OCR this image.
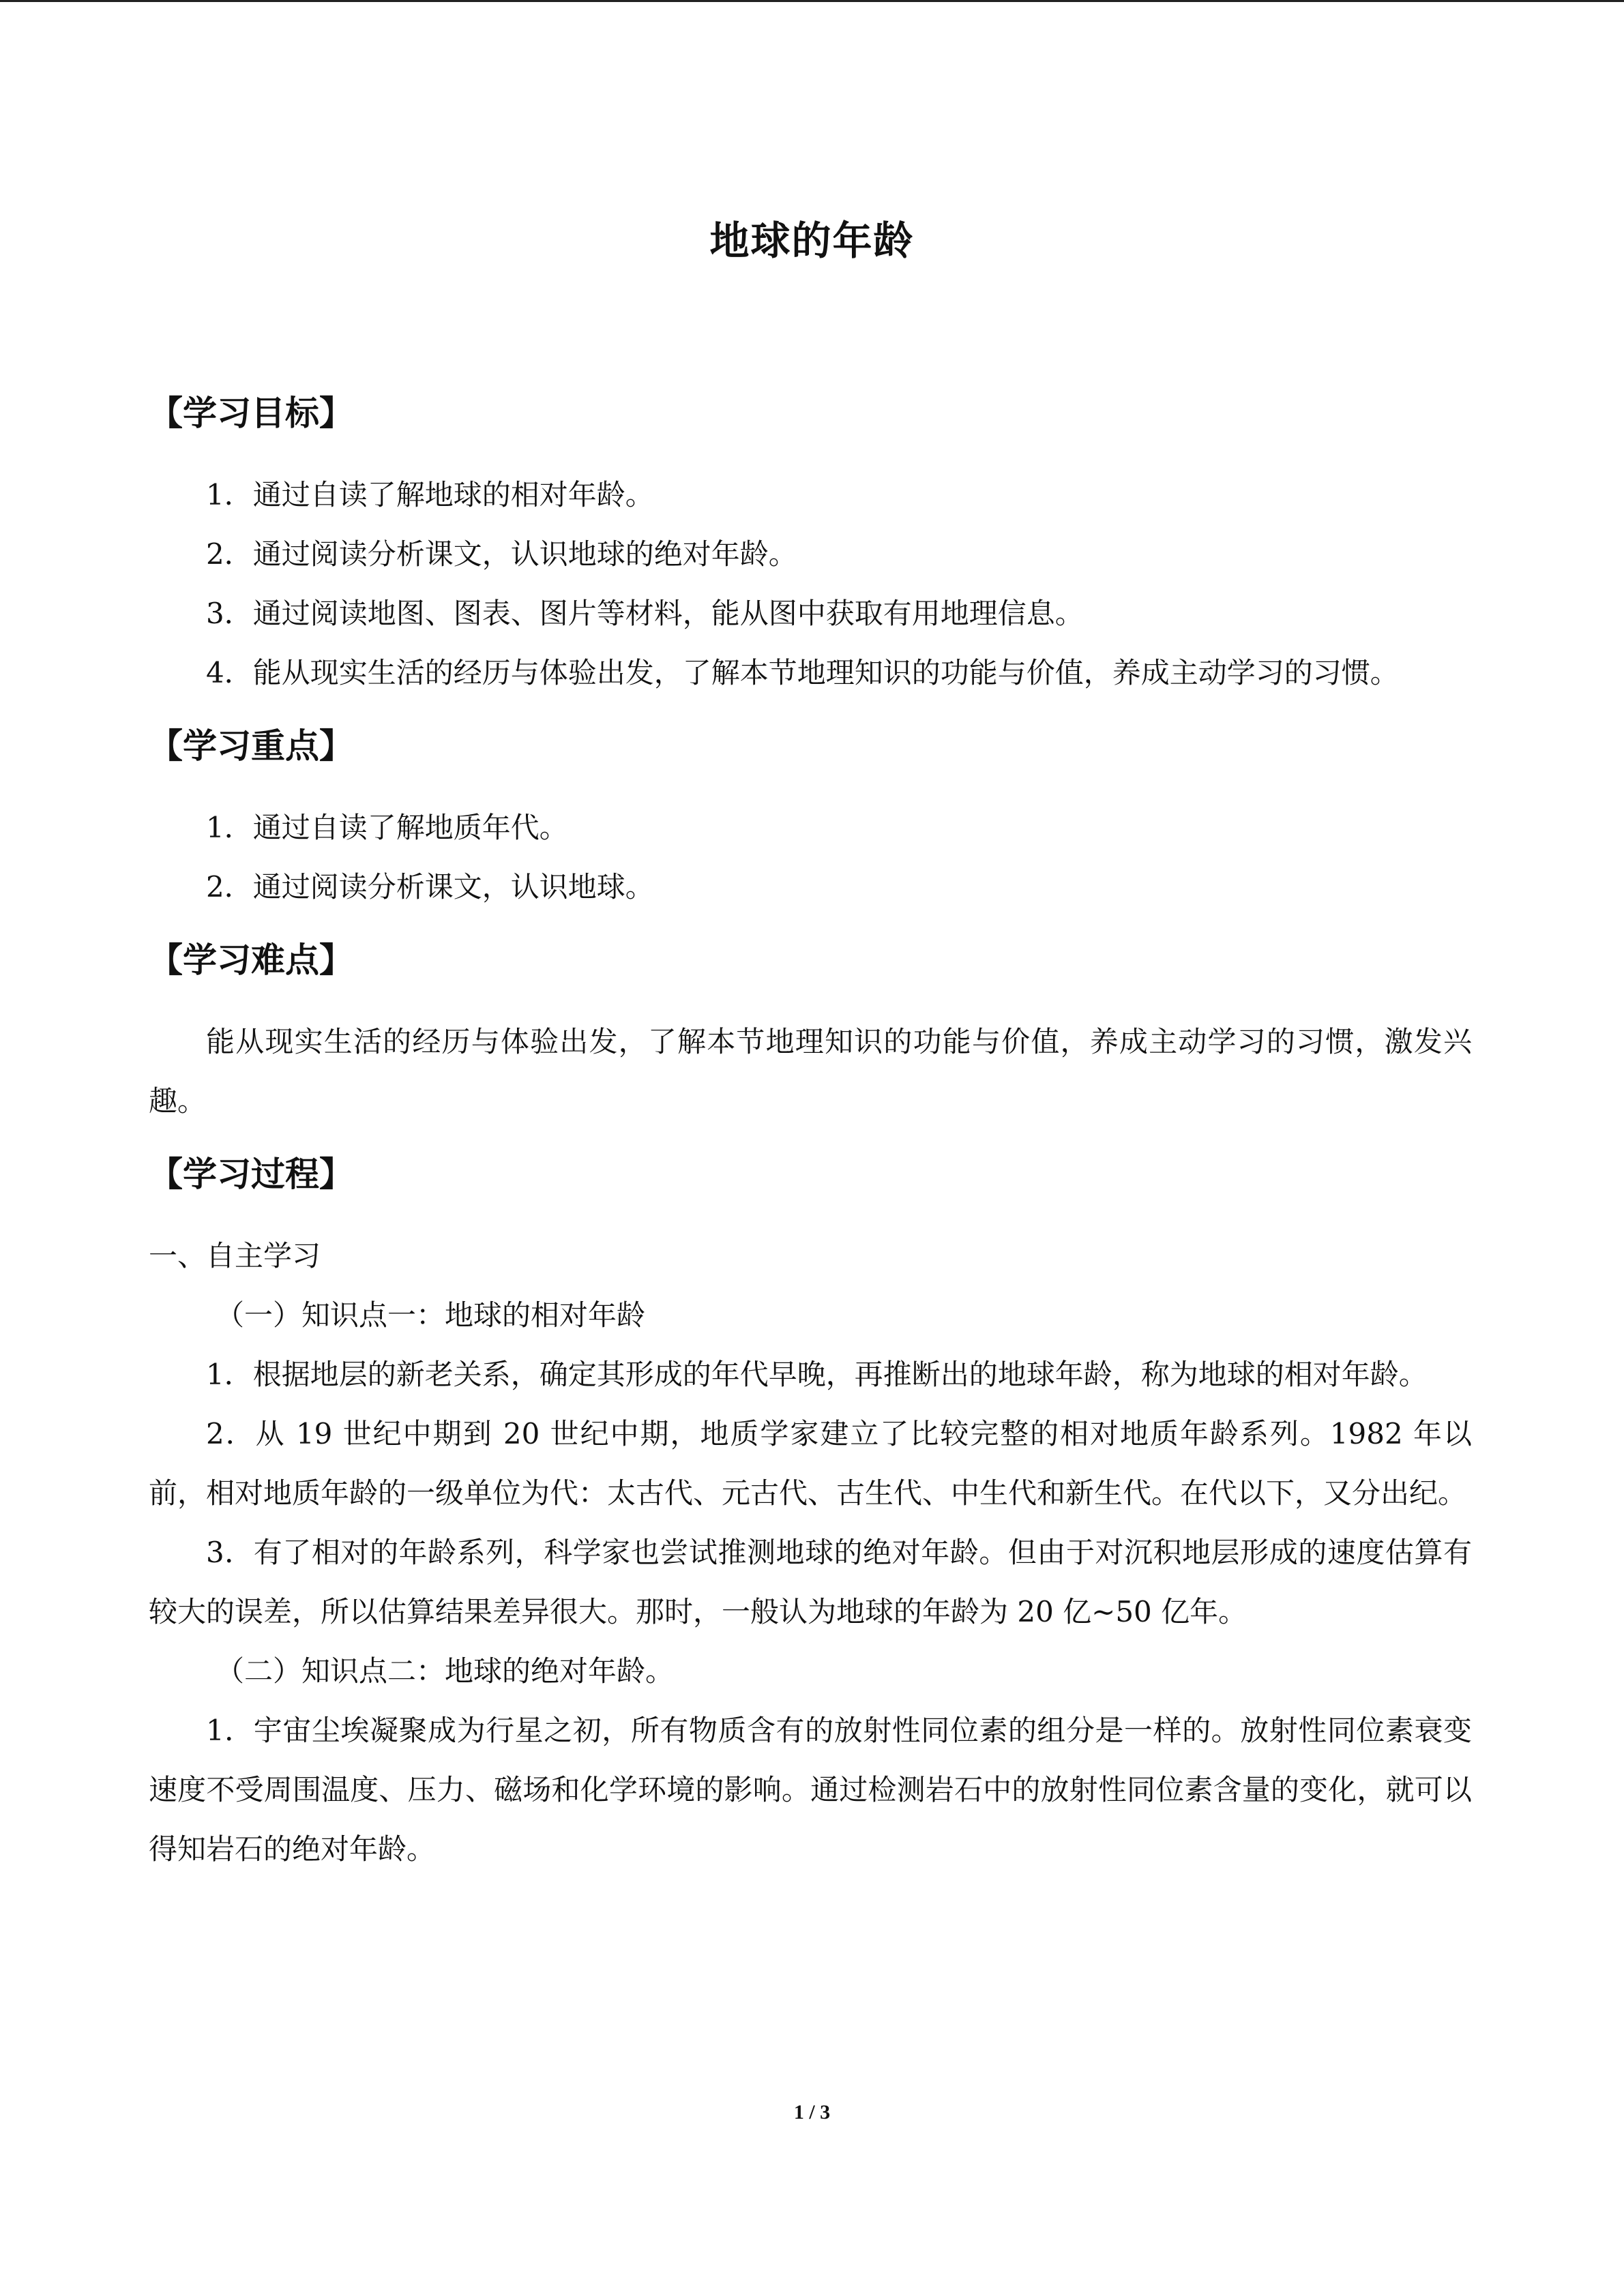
地球的年龄
【学习目标】

1．通过自读了解地球的相对年龄。

2．通过阅读分析课文，认识地球的绝对年龄。

3．通过阅读地图、图表、图片等材料，能从图中获取有用地理信息。

4．能从现实生活的经历与体验出发，了解本节地理知识的功能与价值，养成主动学习的习惯。

【学习重点】

1．通过自读了解地质年代。

2．通过阅读分析课文，认识地球。

【学习难点】

能从现实生活的经历与体验出发，了解本节地理知识的功能与价值，养成主动学习的习惯，激发兴趣。

【学习过程】

一、自主学习

（一）知识点一：地球的相对年龄

1．根据地层的新老关系，确定其形成的年代早晚，再推断出的地球年龄，称为地球的相对年龄。

2．从 19 世纪中期到 20 世纪中期，地质学家建立了比较完整的相对地质年龄系列。1982 年以前，相对地质年龄的一级单位为代：太古代、元古代、古生代、中生代和新生代。在代以下，又分出纪。

3．有了相对的年龄系列，科学家也尝试推测地球的绝对年龄。但由于对沉积地层形成的速度估算有较大的误差，所以估算结果差异很大。那时，一般认为地球的年龄为 20 亿~50 亿年。

（二）知识点二：地球的绝对年龄。

1．宇宙尘埃凝聚成为行星之初，所有物质含有的放射性同位素的组分是一样的。放射性同位素衰变速度不受周围温度、压力、磁场和化学环境的影响。通过检测岩石中的放射性同位素含量的变化，就可以得知岩石的绝对年龄。

1 / 3
